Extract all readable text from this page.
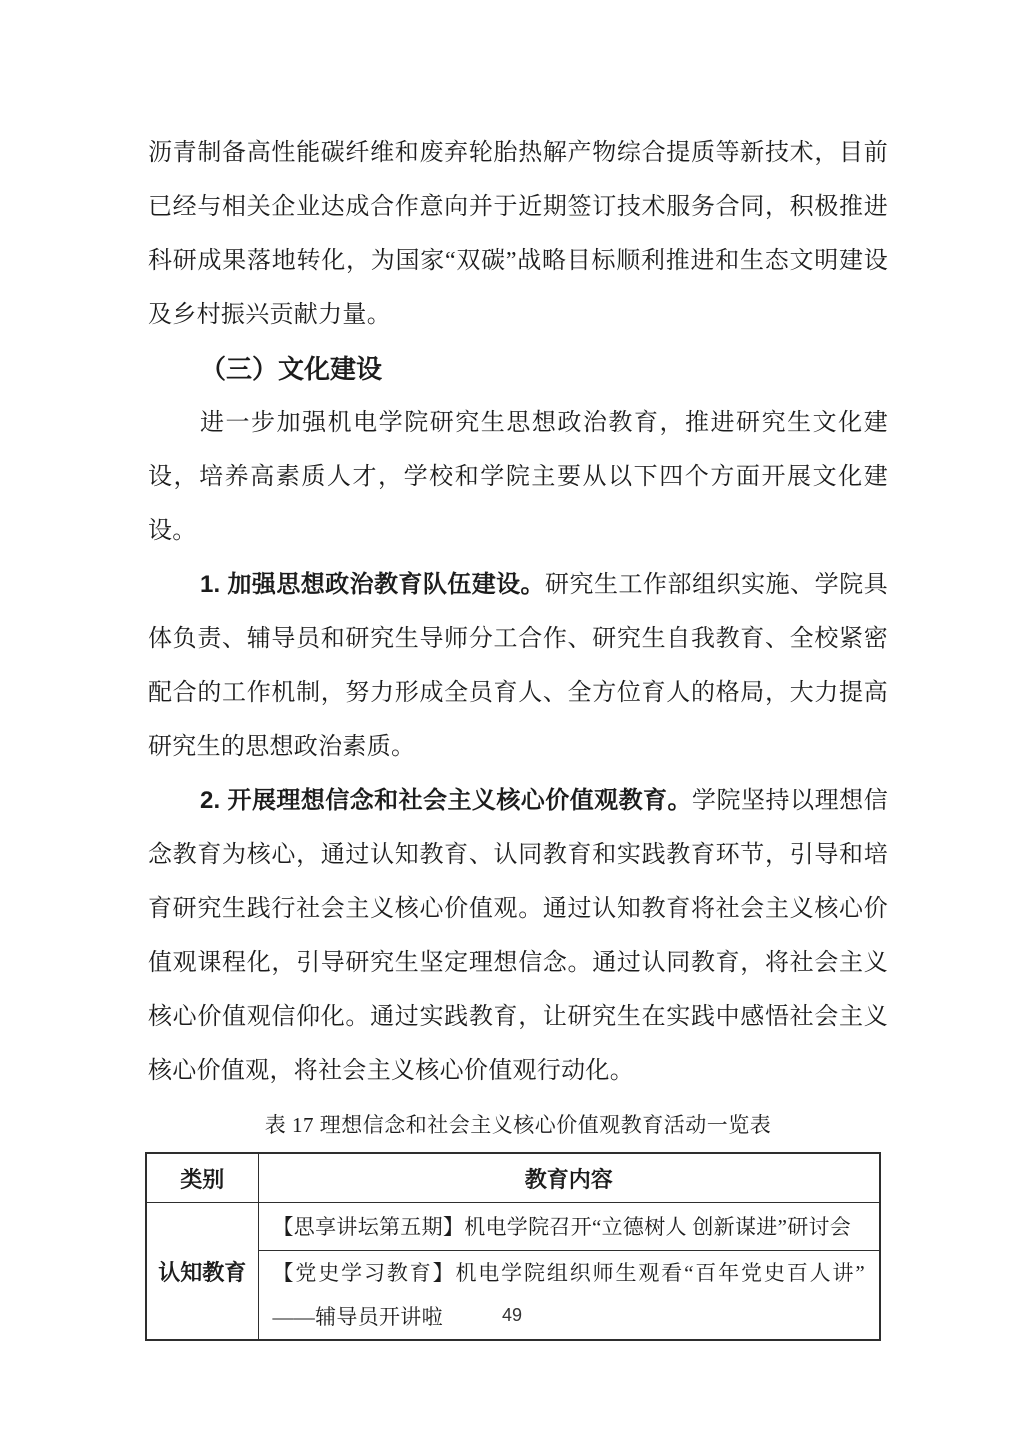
沥青制备高性能碳纤维和废弃轮胎热解产物综合提质等新技术，目前已经与相关企业达成合作意向并于近期签订技术服务合同，积极推进科研成果落地转化，为国家“双碳”战略目标顺利推进和生态文明建设及乡村振兴贡献力量。

（三）文化建设

进一步加强机电学院研究生思想政治教育，推进研究生文化建设，培养高素质人才，学校和学院主要从以下四个方面开展文化建设。

1. 加强思想政治教育队伍建设。研究生工作部组织实施、学院具体负责、辅导员和研究生导师分工合作、研究生自我教育、全校紧密配合的工作机制，努力形成全员育人、全方位育人的格局，大力提高研究生的思想政治素质。

2. 开展理想信念和社会主义核心价值观教育。学院坚持以理想信念教育为核心，通过认知教育、认同教育和实践教育环节，引导和培育研究生践行社会主义核心价值观。通过认知教育将社会主义核心价值观课程化，引导研究生坚定理想信念。通过认同教育，将社会主义核心价值观信仰化。通过实践教育，让研究生在实践中感悟社会主义核心价值观，将社会主义核心价值观行动化。

表 17 理想信念和社会主义核心价值观教育活动一览表
类别	教育内容
认知教育	【思享讲坛第五期】机电学院召开“立德树人 创新谋进”研讨会
	【党史学习教育】机电学院组织师生观看“百年党史百人讲”——辅导员开讲啦	49
